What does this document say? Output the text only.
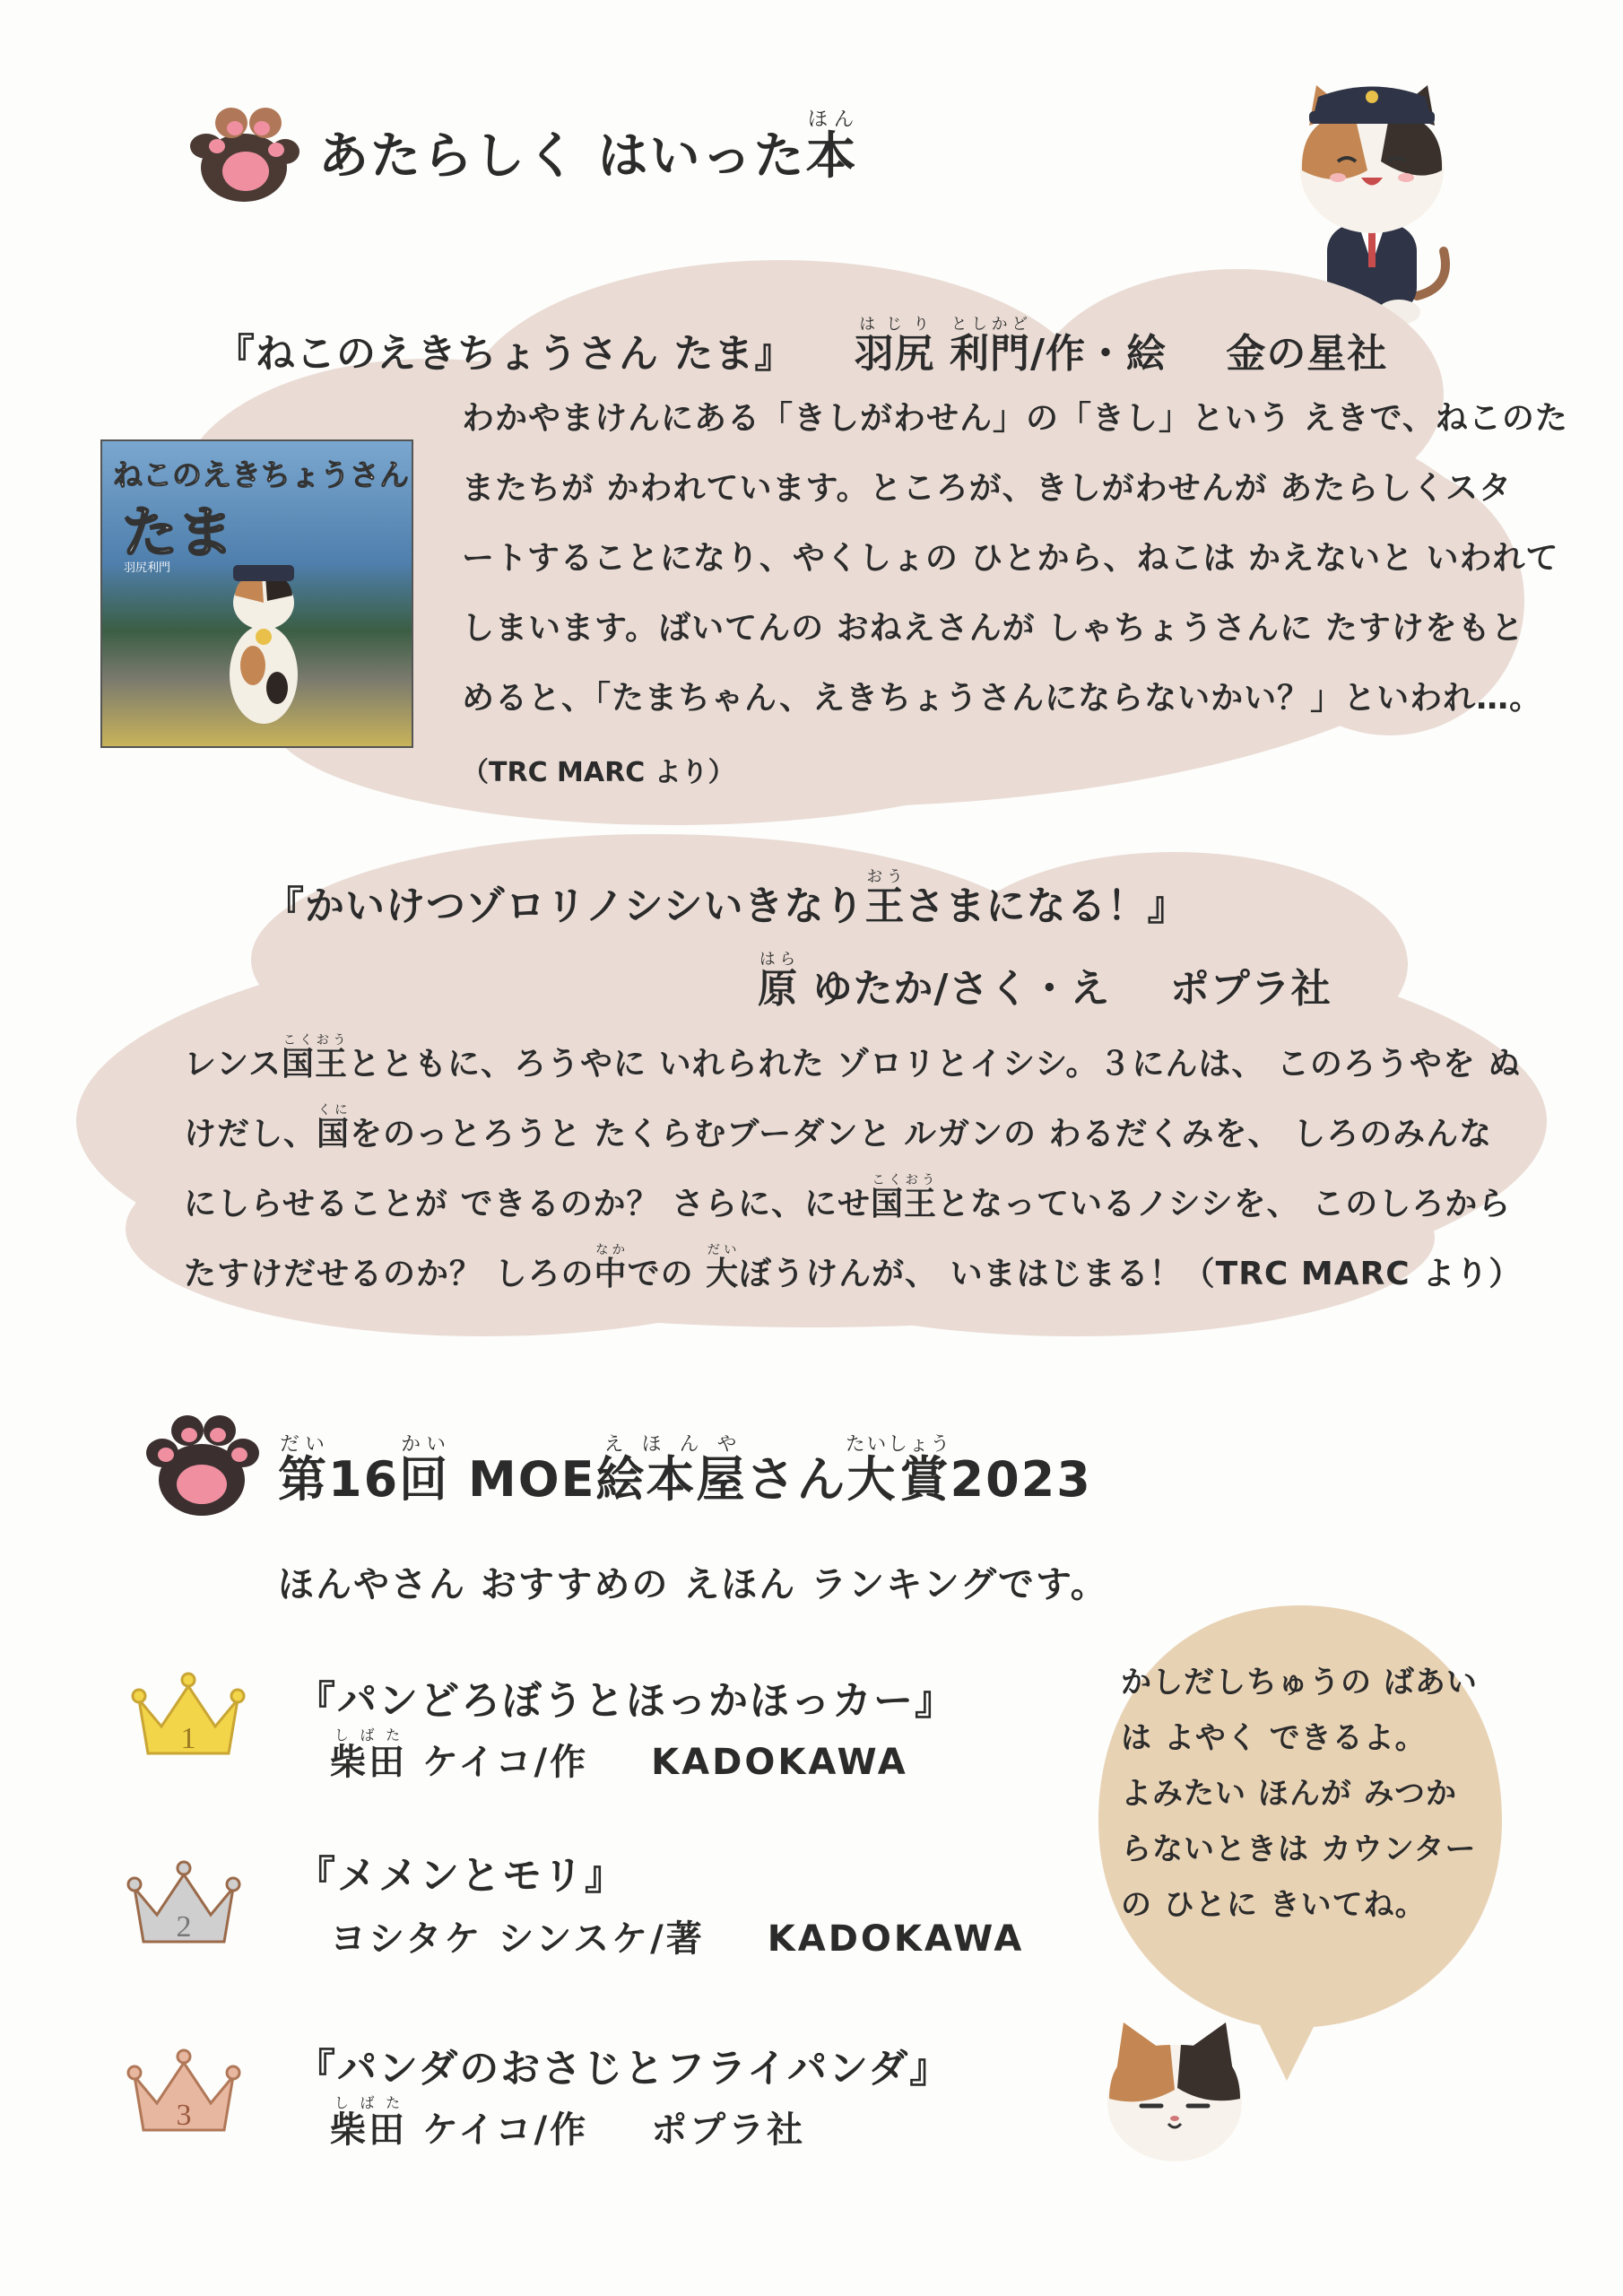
あたらしく はいった本ほん
『ねこのえきちょうさん たま』 羽尻はじり 利門としかど/作・絵 金の星社
ねこのえきちょうさん
たま
羽尻利門
わかやまけんにある「きしがわせん」の「きし」という えきで、ねこのた
またちが かわれています。ところが、きしがわせんが あたらしくスタ
ートすることになり、やくしょの ひとから、ねこは かえないと いわれて
しまいます。ばいてんの おねえさんが しゃちょうさんに たすけをもと
めると、「たまちゃん、えきちょうさんにならないかい？」といわれ…。
（TRC MARC より）
『かいけつゾロリノシシいきなり王おうさまになる！』
原はら ゆたか/さく・え ポプラ社
レンス国王こくおうとともに、ろうやに いれられた ゾロリとイシシ。３にんは、 このろうやを ぬ
けだし、国くにをのっとろうと たくらむブーダンと ルガンの わるだくみを、 しろのみんな
にしらせることが できるのか？ さらに、にせ国王こくおうとなっているノシシを、 このしろから
たすけだせるのか？ しろの中なかでの 大だいぼうけんが、 いまはじまる！（TRC MARC より）
第だい16回かい MOE絵本屋えほんやさん大賞たいしょう2023
ほんやさん おすすめの えほん ランキングです。
1
『パンどろぼうとほっかほっカー』
柴田しばた ケイコ/作 KADOKAWA
2
『メメンとモリ』
ヨシタケ シンスケ/著 KADOKAWA
3
『パンダのおさじとフライパンダ』
柴田しばた ケイコ/作 ポプラ社
かしだしちゅうの ばあい
は よやく できるよ。
よみたい ほんが みつか
らないときは カウンター
の ひとに きいてね。
